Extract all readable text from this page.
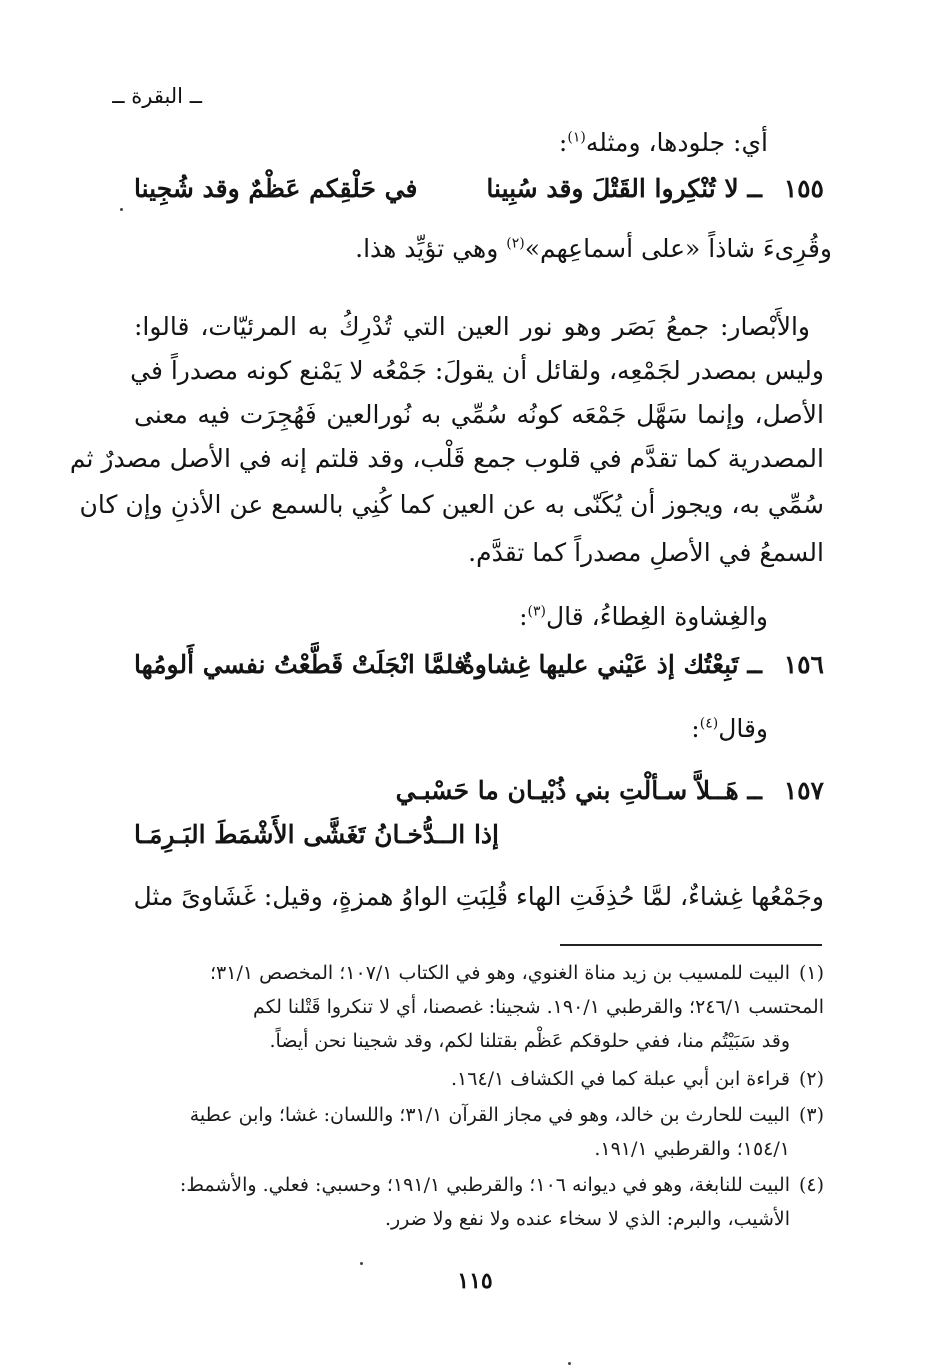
ــ البقرة ــ
أي: جلودها، ومثله$^{(١)}$:
١٥٥
ــ لا تُنْكِروا القَتْلَ وقد سُبِينا
في حَلْقِكم عَظْمٌ وقد شُجِينا
وقُرِىءَ شاذاً «على أسماعِهم»$^{(٢)}$ وهي تؤيِّد هذا.
والأَبْصار: جمعُ بَصَر وهو نور العين التي تُدْرِكُ به المرئيّات، قالوا:
وليس بمصدر لجَمْعِه، ولقائل أن يقولَ: جَمْعُه لا يَمْنع كونه مصدراً في
الأصل، وإنما سَهَّل جَمْعَه كونُه سُمِّي به نُورالعين فَهُجِرَت فيه معنى
المصدرية كما تقدَّم في قلوب جمع قَلْب، وقد قلتم إنه في الأصل مصدرٌ ثم
سُمِّي به، ويجوز أن يُكَنّى به عن العين كما كُنِي بالسمع عن الأذنِ وإن كان
السمعُ في الأصلِ مصدراً كما تقدَّم.
والغِشاوة الغِطاءُ، قال$^{(٣)}$:
١٥٦
ــ تَبِعْتُك إذ عَيْني عليها غِشاوةٌ
فلمَّا انْجَلَتْ قَطَّعْتُ نفسي أَلومُها
وقال$^{(٤)}$:
١٥٧ــ هَــلاَّ سـألْتِ بني ذُبْيـان ما حَسْبـي
إذا الــدُّخـانُ تَغَشَّى الأَشْمَطَ البَـرِمَـا
وجَمْعُها غِشاءٌ، لمَّا حُذِفَتِ الهاء قُلِبَتِ الواوُ همزةٍ، وقيل: غَشَاوىً مثل
(١)البيت للمسيب بن زيد مناة الغنوي، وهو في الكتاب ١٠٧/١؛ المخصص ٣١/١؛
المحتسب ٢٤٦/١؛ والقرطبي ١٩٠/١. شجينا: غصصنا، أي لا تنكروا قَتْلنا لكم
وقد سَبَيْتُم منا، ففي حلوقكم عَظْم بقتلنا لكم، وقد شجينا نحن أيضاً.
(٢)قراءة ابن أبي عبلة كما في الكشاف ١٦٤/١.
(٣)البيت للحارث بن خالد، وهو في مجاز القرآن ٣١/١؛ واللسان: غشا؛ وابن عطية
١٥٤/١؛ والقرطبي ١٩١/١.
(٤)البيت للنابغة، وهو في ديوانه ١٠٦؛ والقرطبي ١٩١/١؛ وحسبي: فعلي. والأشمط:
الأشيب، والبرم: الذي لا سخاء عنده ولا نفع ولا ضرر.
١١٥
